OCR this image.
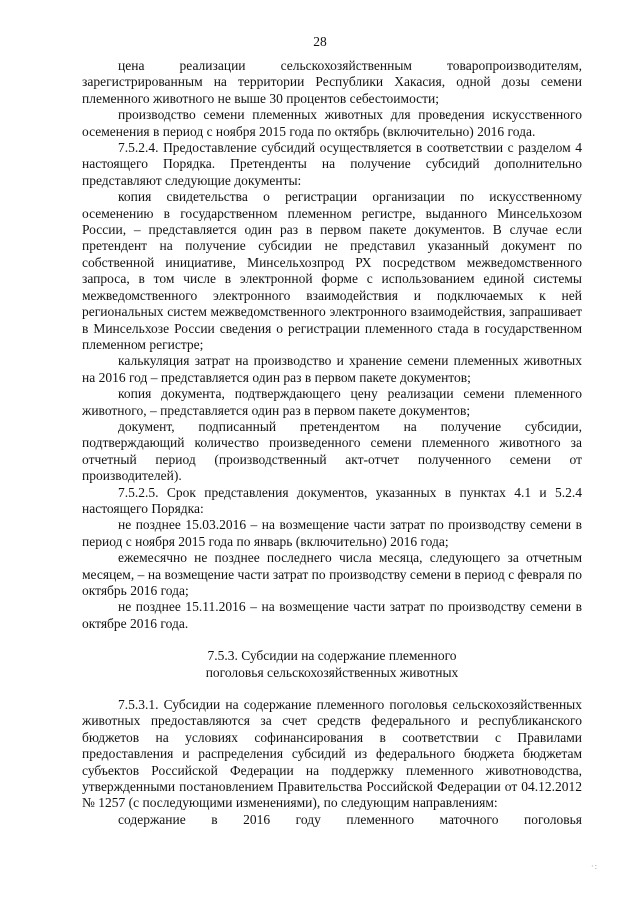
28

цена реализации сельскохозяйственным товаропроизводителям, зарегистрированным на территории Республики Хакасия, одной дозы семени племенного животного не выше 30 процентов себестоимости;

производство семени племенных животных для проведения искусственного осеменения в период с ноября 2015 года по октябрь (включительно) 2016 года.

7.5.2.4. Предоставление субсидий осуществляется в соответствии с разделом 4 настоящего Порядка. Претенденты на получение субсидий дополнительно представляют следующие документы:

копия свидетельства о регистрации организации по искусственному осеменению в государственном племенном регистре, выданного Минсельхозом России, – представляется один раз в первом пакете документов. В случае если претендент на получение субсидии не представил указанный документ по собственной инициативе, Минсельхозпрод РХ посредством межведомственного запроса, в том числе в электронной форме с использованием единой системы межведомственного электронного взаимодействия и подключаемых к ней региональных систем межведомственного электронного взаимодействия, запрашивает в Минсельхозе России сведения о регистрации племенного стада в государственном племенном регистре;

калькуляция затрат на производство и хранение семени племенных животных на 2016 год – представляется один раз в первом пакете документов;

копия документа, подтверждающего цену реализации семени племенного животного, – представляется один раз в первом пакете документов;

документ, подписанный претендентом на получение субсидии, подтверждающий количество произведенного семени племенного животного за отчетный период (производственный акт-отчет полученного семени от производителей).

7.5.2.5. Срок представления документов, указанных в пунктах 4.1 и 5.2.4 настоящего Порядка:

не позднее 15.03.2016 – на возмещение части затрат по производству семени в период с ноября 2015 года по январь (включительно) 2016 года;

ежемесячно не позднее последнего числа месяца, следующего за отчетным месяцем, – на возмещение части затрат по производству семени в период с февраля по октябрь 2016 года;

не позднее 15.11.2016 – на возмещение части затрат по производству семени в октябре 2016 года.

7.5.3. Субсидии на содержание племенного
поголовья сельскохозяйственных животных

7.5.3.1. Субсидии на содержание племенного поголовья сельскохозяйственных животных предоставляются за счет средств федерального и республиканского бюджетов на условиях софинансирования в соответствии с Правилами предоставления и распределения субсидий из федерального бюджета бюджетам субъектов Российской Федерации на поддержку племенного животноводства, утвержденными постановлением Правительства Российской Федерации от 04.12.2012 № 1257 (с последующими изменениями), по следующим направлениям:

содержание в 2016 году племенного маточного поголовья

·:
